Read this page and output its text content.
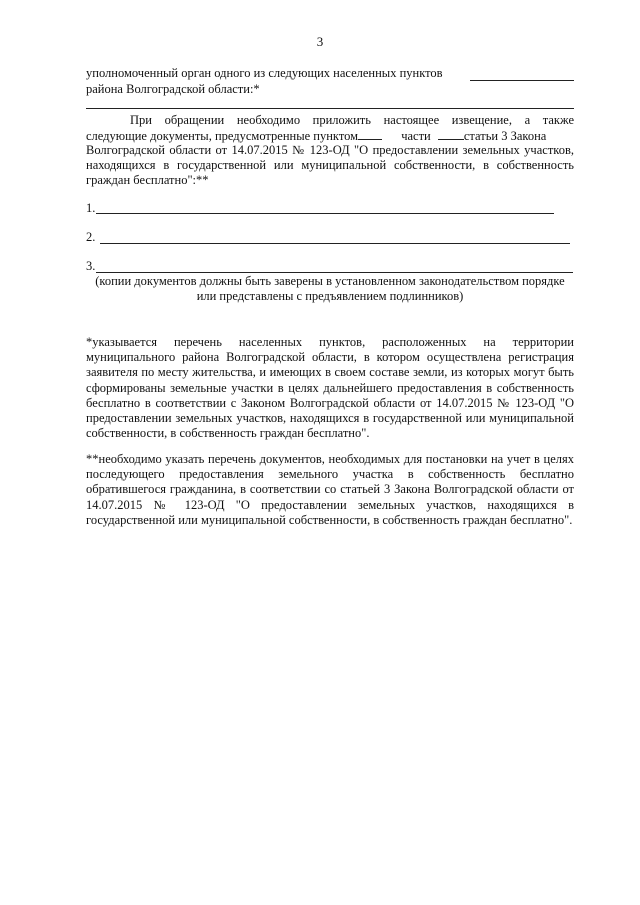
3
уполномоченный орган одного из следующих населенных пунктов
района Волгоградской области:*
При обращении необходимо приложить настоящее извещение, а также
следующие документы, предусмотренные пунктом	части	статьи 3 Закона
Волгоградской области от 14.07.2015 № 123-ОД "О предоставлении земельных участков, находящихся в государственной или муниципальной собственности, в собственность граждан бесплатно":**
1.
2.
3.
(копии документов должны быть заверены в установленном законодательством порядке или представлены с предъявлением подлинников)
*указывается перечень населенных пунктов, расположенных на территории муниципального района Волгоградской области, в котором осуществлена регистрация заявителя по месту жительства, и имеющих в своем составе земли, из которых могут быть сформированы земельные участки в целях дальнейшего предоставления в собственность бесплатно в соответствии с Законом Волгоградской области от 14.07.2015 № 123-ОД "О предоставлении земельных участков, находящихся в государственной или муниципальной собственности, в собственность граждан бесплатно".
**необходимо указать перечень документов, необходимых для постановки на учет в целях последующего предоставления земельного участка в собственность бесплатно обратившегося гражданина, в соответствии со статьей 3 Закона Волгоградской области от 14.07.2015 № 123-ОД "О предоставлении земельных участков, находящихся в государственной или муниципальной собственности, в собственность граждан бесплатно".
